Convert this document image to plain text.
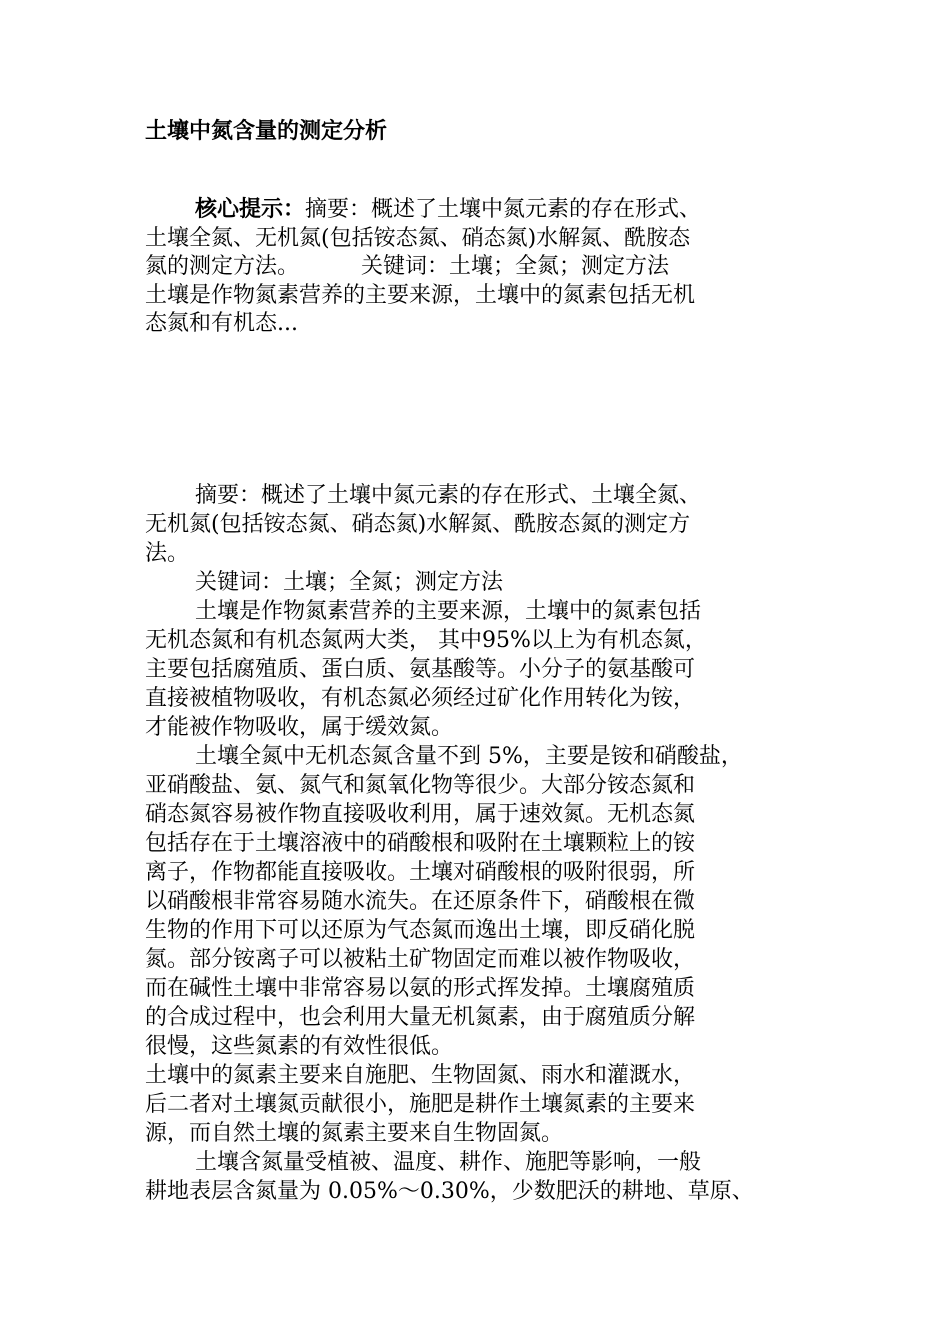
土壤中氮含量的测定分析
核心提示：摘要：概述了土壤中氮元素的存在形式、
土壤全氮、无机氮(包括铵态氮、硝态氮)水解氮、酰胺态
氮的测定方法。	关键词：土壤；全氮；测定方法
土壤是作物氮素营养的主要来源，土壤中的氮素包括无机
态氮和有机态...
摘要：概述了土壤中氮元素的存在形式、土壤全氮、
无机氮(包括铵态氮、硝态氮)水解氮、酰胺态氮的测定方
法。
关键词：土壤；全氮；测定方法
土壤是作物氮素营养的主要来源，土壤中的氮素包括
无机态氮和有机态氮两大类， 其中95%以上为有机态氮，
主要包括腐殖质、蛋白质、氨基酸等。小分子的氨基酸可
直接被植物吸收，有机态氮必须经过矿化作用转化为铵，
才能被作物吸收，属于缓效氮。
土壤全氮中无机态氮含量不到 5%，主要是铵和硝酸盐，
亚硝酸盐、氨、氮气和氮氧化物等很少。大部分铵态氮和
硝态氮容易被作物直接吸收利用，属于速效氮。无机态氮
包括存在于土壤溶液中的硝酸根和吸附在土壤颗粒上的铵
离子，作物都能直接吸收。土壤对硝酸根的吸附很弱，所
以硝酸根非常容易随水流失。在还原条件下，硝酸根在微
生物的作用下可以还原为气态氮而逸出土壤，即反硝化脱
氮。部分铵离子可以被粘土矿物固定而难以被作物吸收，
而在碱性土壤中非常容易以氨的形式挥发掉。土壤腐殖质
的合成过程中，也会利用大量无机氮素，由于腐殖质分解
很慢，这些氮素的有效性很低。
土壤中的氮素主要来自施肥、生物固氮、雨水和灌溉水，
后二者对土壤氮贡献很小，施肥是耕作土壤氮素的主要来
源，而自然土壤的氮素主要来自生物固氮。
土壤含氮量受植被、温度、耕作、施肥等影响，一般
耕地表层含氮量为 0.05%～0.30%，少数肥沃的耕地、草原、
